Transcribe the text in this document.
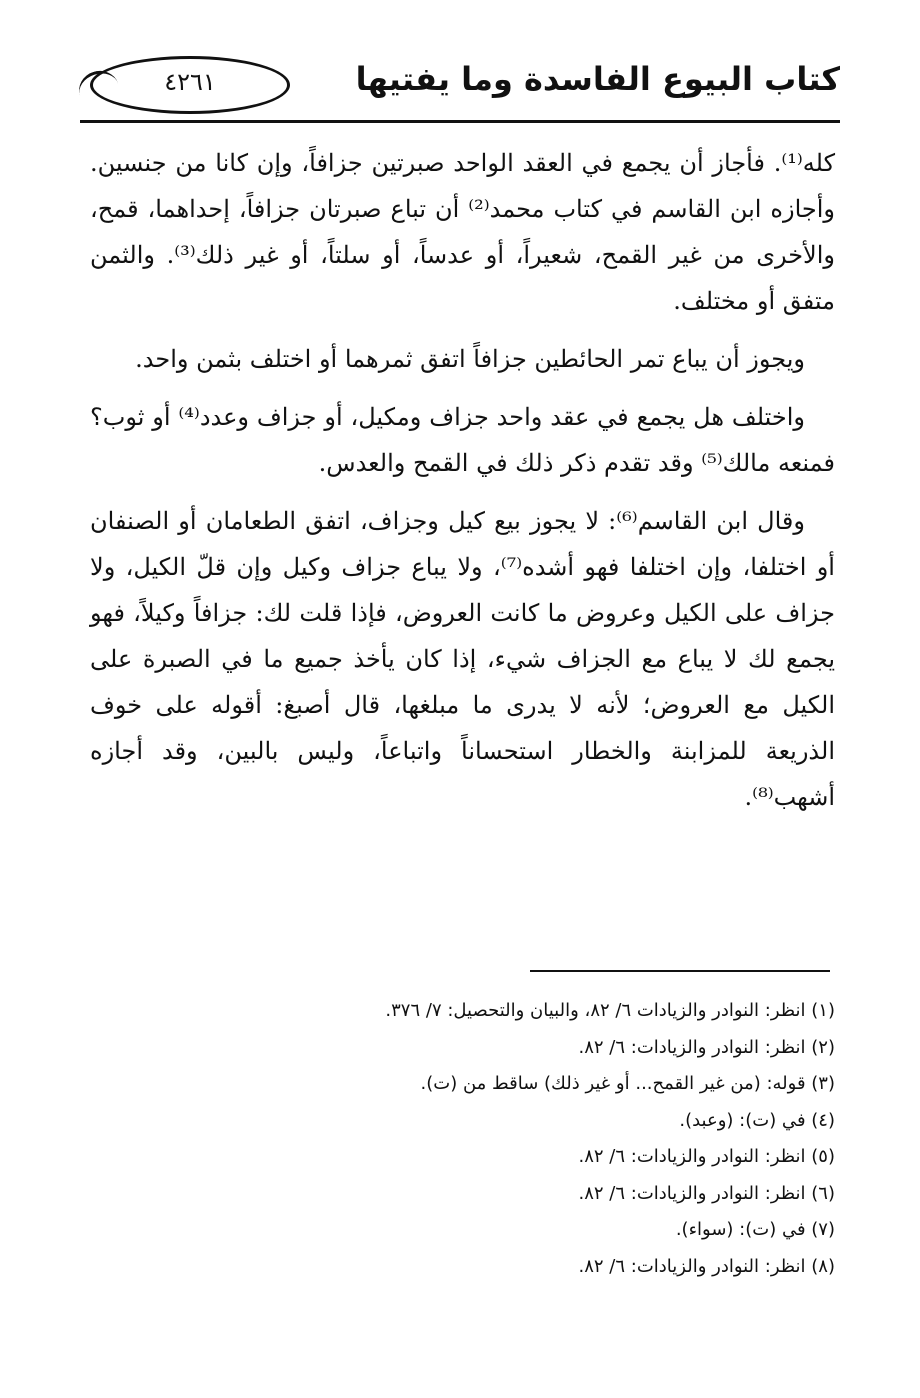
كتاب البيوع الفاسدة وما يفتيها
٤٢٦١

كله⁽¹⁾. فأجاز أن يجمع في العقد الواحد صبرتين جزافاً، وإن كانا من جنسين. وأجازه ابن القاسم في كتاب محمد⁽²⁾ أن تباع صبرتان جزافاً، إحداهما، قمح، والأخرى من غير القمح، شعيراً، أو عدساً، أو سلتاً، أو غير ذلك⁽³⁾. والثمن متفق أو مختلف.

ويجوز أن يباع تمر الحائطين جزافاً اتفق ثمرهما أو اختلف بثمن واحد.

واختلف هل يجمع في عقد واحد جزاف ومكيل، أو جزاف وعدد⁽⁴⁾ أو ثوب؟ فمنعه مالك⁽⁵⁾ وقد تقدم ذكر ذلك في القمح والعدس.

وقال ابن القاسم⁽⁶⁾: لا يجوز بيع كيل وجزاف، اتفق الطعامان أو الصنفان أو اختلفا، وإن اختلفا فهو أشده⁽⁷⁾، ولا يباع جزاف وكيل وإن قلّ الكيل، ولا جزاف على الكيل وعروض ما كانت العروض، فإذا قلت لك: جزافاً وكيلاً، فهو يجمع لك لا يباع مع الجزاف شيء، إذا كان يأخذ جميع ما في الصبرة على الكيل مع العروض؛ لأنه لا يدرى ما مبلغها، قال أصبغ: أقوله على خوف الذريعة للمزابنة والخطار استحساناً واتباعاً، وليس بالبين، وقد أجازه أشهب⁽⁸⁾.

(١) انظر: النوادر والزيادات ٦/ ٨٢، والبيان والتحصيل: ٧/ ٣٧٦.
(٢) انظر: النوادر والزيادات: ٦/ ٨٢.
(٣) قوله: (من غير القمح... أو غير ذلك) ساقط من (ت).
(٤) في (ت): (وعبد).
(٥) انظر: النوادر والزيادات: ٦/ ٨٢.
(٦) انظر: النوادر والزيادات: ٦/ ٨٢.
(٧) في (ت): (سواء).
(٨) انظر: النوادر والزيادات: ٦/ ٨٢.
